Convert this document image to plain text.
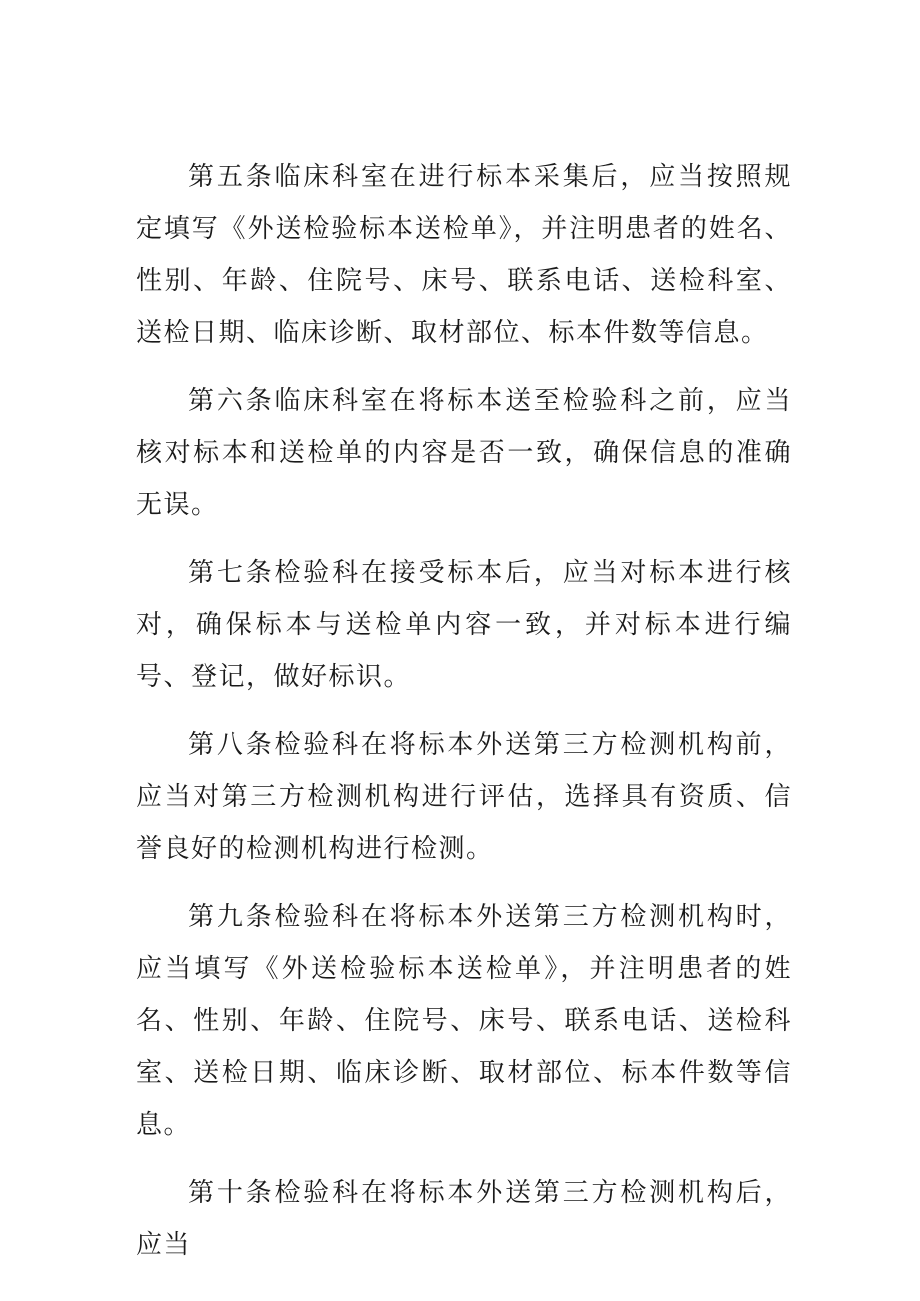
第五条临床科室在进行标本采集后，应当按照规定填写《外送检验标本送检单》，并注明患者的姓名、性别、年龄、住院号、床号、联系电话、送检科室、送检日期、临床诊断、取材部位、标本件数等信息。

第六条临床科室在将标本送至检验科之前，应当核对标本和送检单的内容是否一致，确保信息的准确无误。

第七条检验科在接受标本后，应当对标本进行核对，确保标本与送检单内容一致，并对标本进行编号、登记，做好标识。

第八条检验科在将标本外送第三方检测机构前，应当对第三方检测机构进行评估，选择具有资质、信誉良好的检测机构进行检测。

第九条检验科在将标本外送第三方检测机构时，应当填写《外送检验标本送检单》，并注明患者的姓名、性别、年龄、住院号、床号、联系电话、送检科室、送检日期、临床诊断、取材部位、标本件数等信息。

第十条检验科在将标本外送第三方检测机构后，应当
